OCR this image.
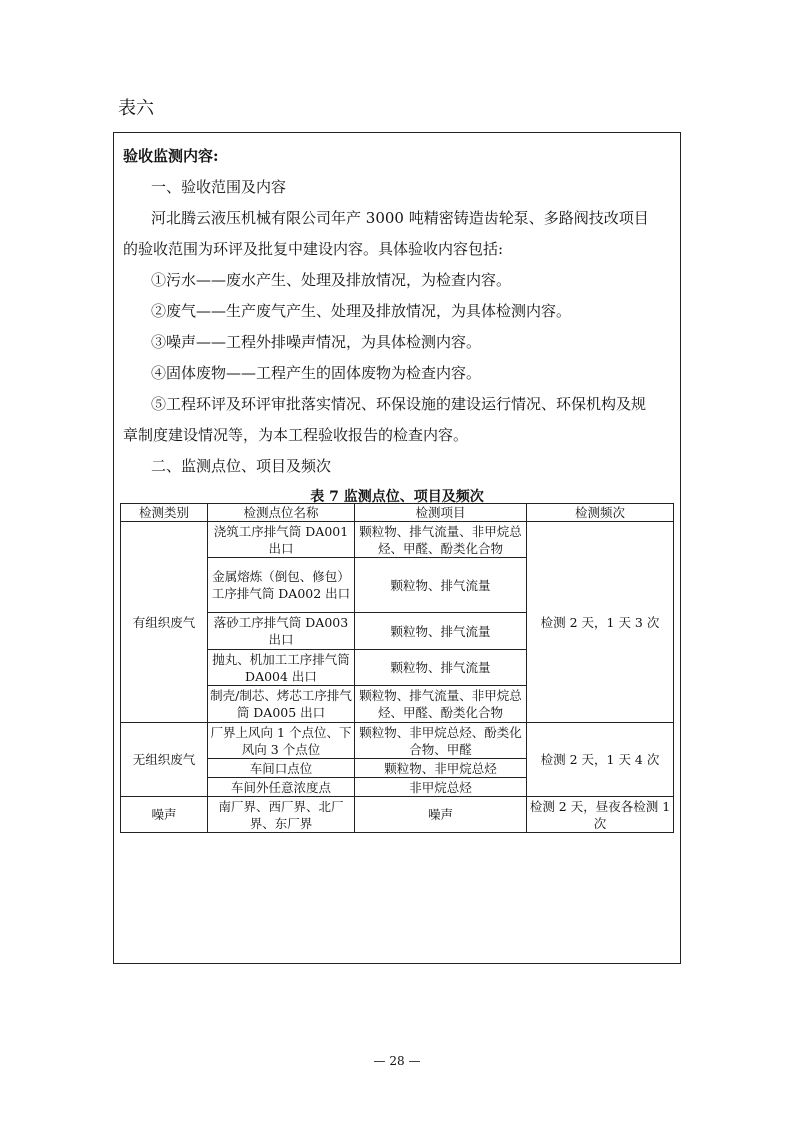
表六
验收监测内容:
一、验收范围及内容
河北腾云液压机械有限公司年产 3000 吨精密铸造齿轮泵、多路阀技改项目
的验收范围为环评及批复中建设内容。具体验收内容包括:
①污水——废水产生、处理及排放情况，为检查内容。
②废气——生产废气产生、处理及排放情况，为具体检测内容。
③噪声——工程外排噪声情况，为具体检测内容。
④固体废物——工程产生的固体废物为检查内容。
⑤工程环评及环评审批落实情况、环保设施的建设运行情况、环保机构及规
章制度建设情况等，为本工程验收报告的检查内容。
二、监测点位、项目及频次
表 7 监测点位、项目及频次
检测类别	检测点位名称	检测项目	检测频次
有组织废气	浇筑工序排气筒 DA001 出口	颗粒物、排气流量、非甲烷总烃、甲醛、酚类化合物	检测 2 天，1 天 3 次
	金属熔炼（倒包、修包）工序排气筒 DA002 出口	颗粒物、排气流量	
	落砂工序排气筒 DA003 出口	颗粒物、排气流量	
	抛丸、机加工工序排气筒 DA004 出口	颗粒物、排气流量	
	制壳/制芯、烤芯工序排气 筒 DA005 出口	颗粒物、排气流量、非甲烷总烃、甲醛、酚类化合物	
无组织废气	厂界上风向 1 个点位、下风向 3 个点位	颗粒物、非甲烷总烃、酚类化合物、甲醛	检测 2 天，1 天 4 次
	车间口点位	颗粒物、非甲烷总烃	
	车间外任意浓度点	非甲烷总烃	
噪声	南厂界、西厂界、北厂界、东厂界	噪声	检测 2 天，昼夜各检测 1 次
— 28 —
